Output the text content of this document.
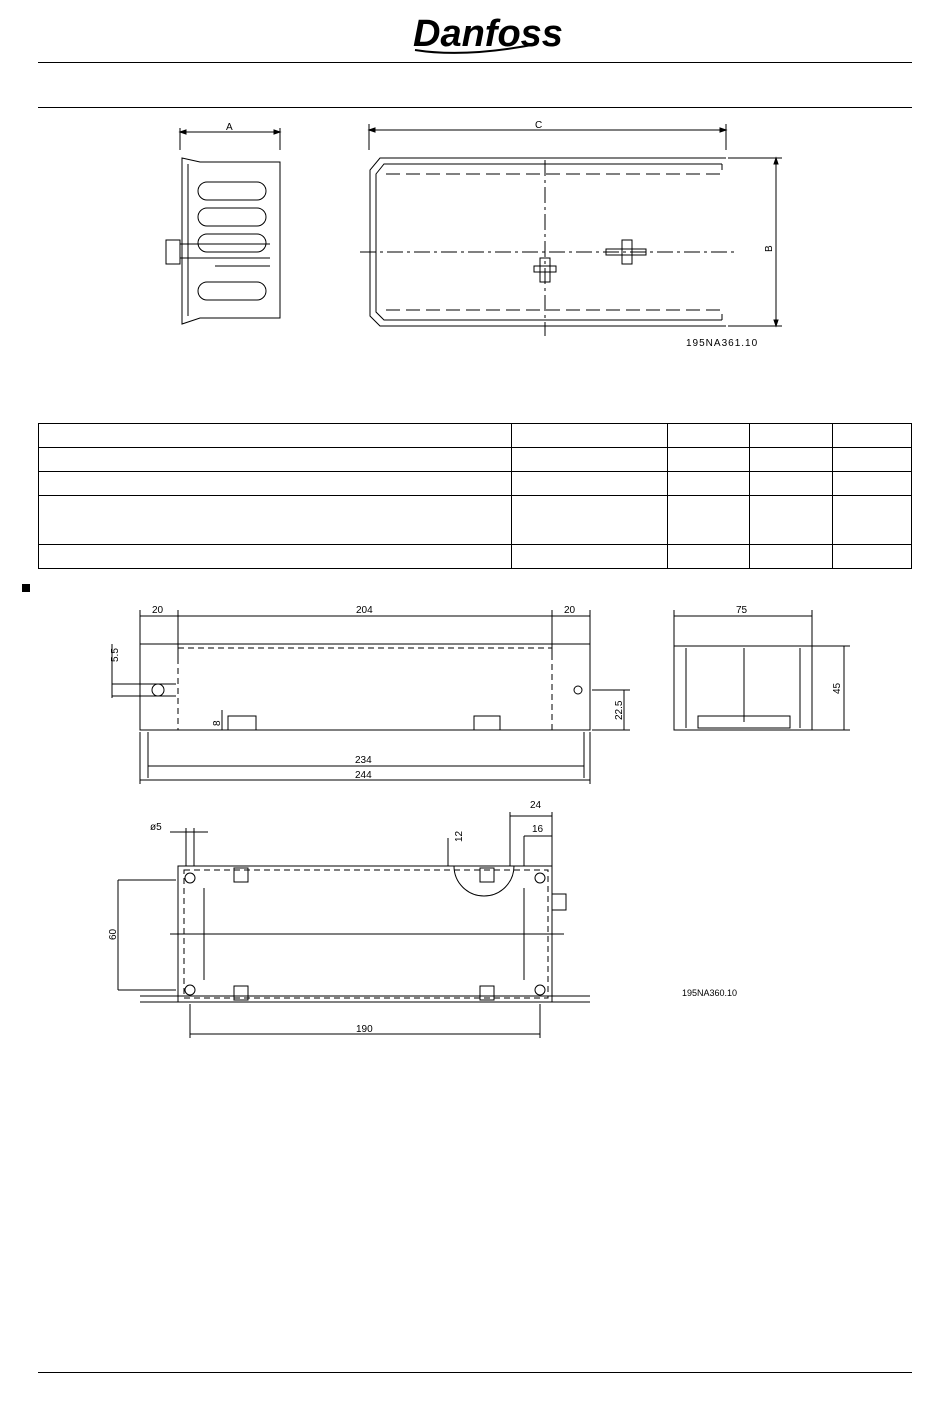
Danfoss
A	C
B
195NA361.10

20	204	20
5.5
8
22.5
234
244
75
45
ø5
12
24
16
60
190
195NA360.10
